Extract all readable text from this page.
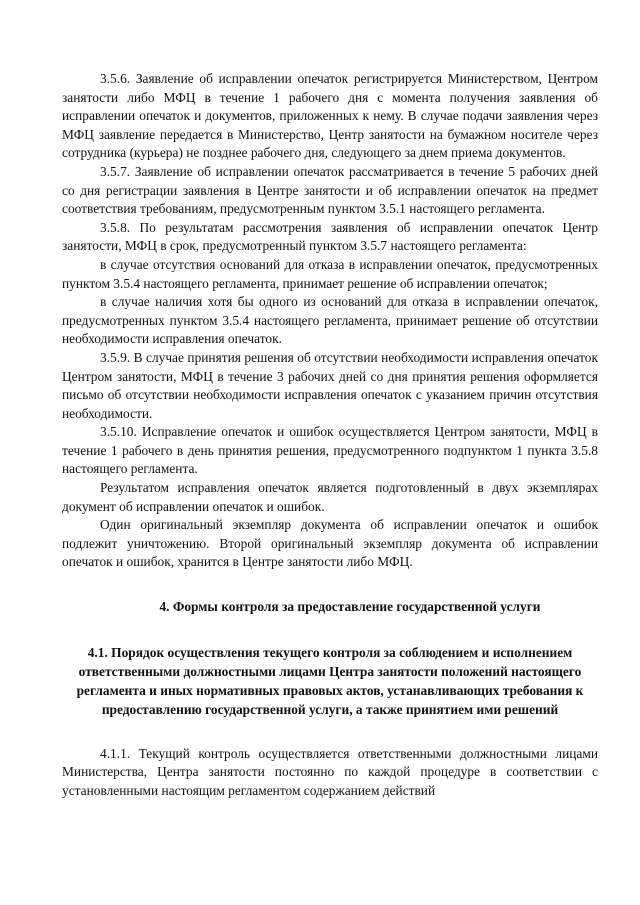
3.5.6. Заявление об исправлении опечаток регистрируется Министерством, Центром занятости либо МФЦ в течение 1 рабочего дня с момента получения заявления об исправлении опечаток и документов, приложенных к нему. В случае подачи заявления через МФЦ заявление передается в Министерство, Центр занятости на бумажном носителе через сотрудника (курьера) не позднее рабочего дня, следующего за днем приема документов.

3.5.7. Заявление об исправлении опечаток рассматривается в течение 5 рабочих дней со дня регистрации заявления в Центре занятости и об исправлении опечаток на предмет соответствия требованиям, предусмотренным пунктом 3.5.1 настоящего регламента.

3.5.8. По результатам рассмотрения заявления об исправлении опечаток Центр занятости, МФЦ в срок, предусмотренный пунктом 3.5.7 настоящего регламента:

в случае отсутствия оснований для отказа в исправлении опечаток, предусмотренных пунктом 3.5.4 настоящего регламента, принимает решение об исправлении опечаток;

в случае наличия хотя бы одного из оснований для отказа в исправлении опечаток, предусмотренных пунктом 3.5.4 настоящего регламента, принимает решение об отсутствии необходимости исправления опечаток.

3.5.9. В случае принятия решения об отсутствии необходимости исправления опечаток Центром занятости, МФЦ в течение 3 рабочих дней со дня принятия решения оформляется письмо об отсутствии необходимости исправления опечаток с указанием причин отсутствия необходимости.

3.5.10. Исправление опечаток и ошибок осуществляется Центром занятости, МФЦ в течение 1 рабочего в день принятия решения, предусмотренного подпунктом 1 пункта 3.5.8 настоящего регламента.

Результатом исправления опечаток является подготовленный в двух экземплярах документ об исправлении опечаток и ошибок.

Один оригинальный экземпляр документа об исправлении опечаток и ошибок подлежит уничтожению. Второй оригинальный экземпляр документа об исправлении опечаток и ошибок, хранится в Центре занятости либо МФЦ.

4. Формы контроля за предоставление государственной услуги

4.1. Порядок осуществления текущего контроля за соблюдением и исполнением ответственными должностными лицами Центра занятости положений настоящего регламента и иных нормативных правовых актов, устанавливающих требования к предоставлению государственной услуги, а также принятием ими решений

4.1.1. Текущий контроль осуществляется ответственными должностными лицами Министерства, Центра занятости постоянно по каждой процедуре в соответствии с установленными настоящим регламентом содержанием действий
